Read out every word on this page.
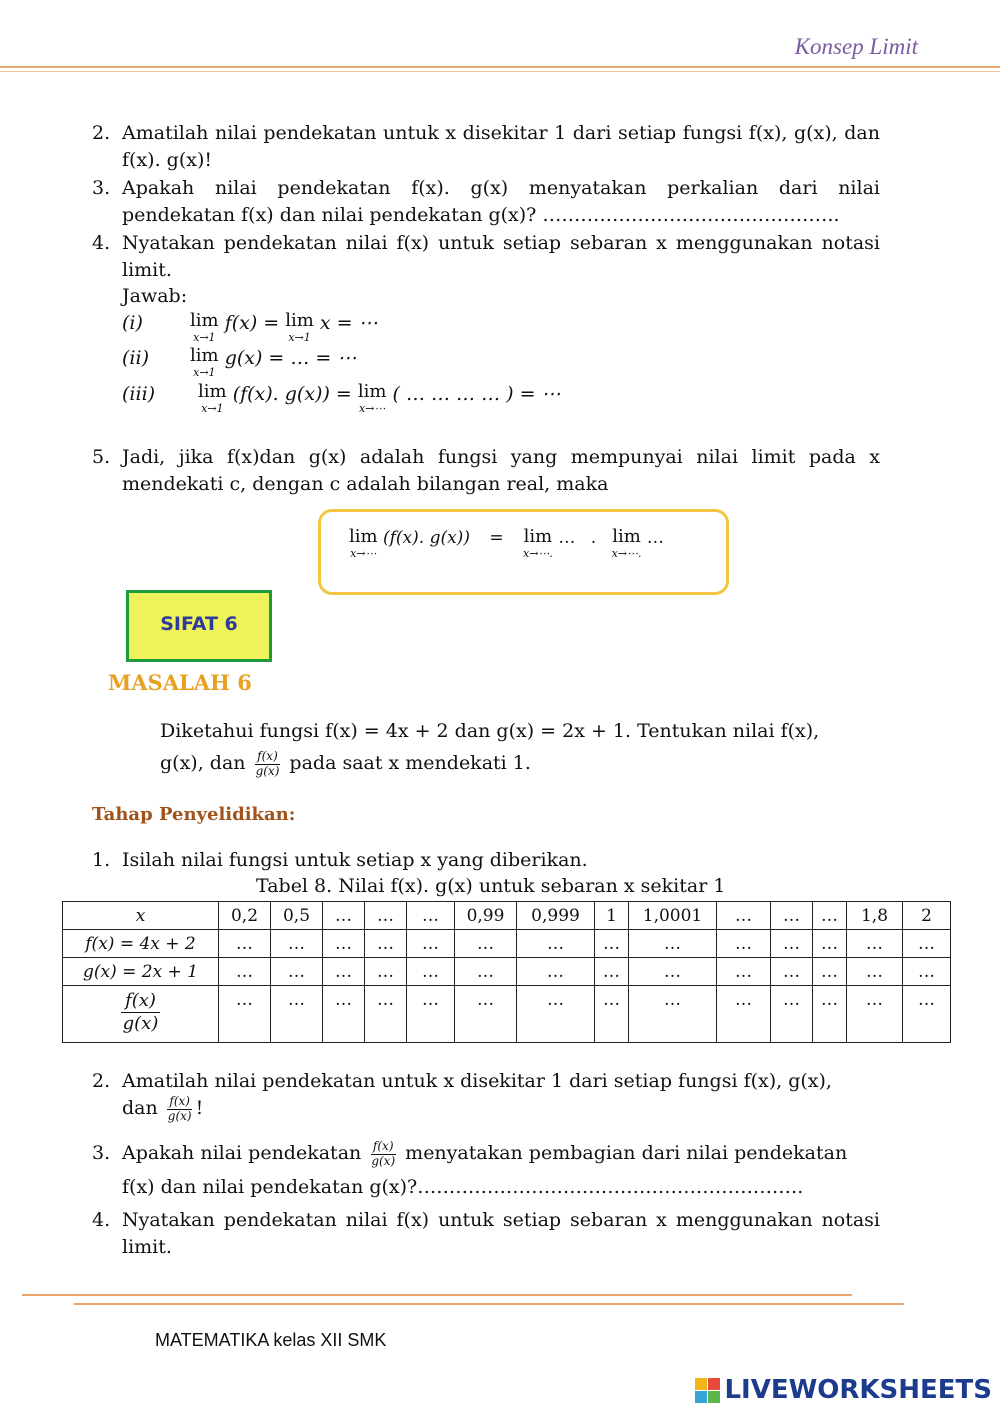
Konsep Limit
2. Amatilah nilai pendekatan untuk x disekitar 1 dari setiap fungsi f(x), g(x), dan f(x). g(x)!
3. Apakah nilai pendekatan f(x). g(x) menyatakan perkalian dari nilai pendekatan f(x) dan nilai pendekatan g(x)? ………………………………………..
4. Nyatakan pendekatan nilai f(x) untuk setiap sebaran x menggunakan notasi limit.
Jawab:
(i)	lim
x→1
f(x) = lim
x→1
x = ⋯
(ii) lim
x→1
g(x) = … = ⋯
(iii) lim
x→1
(f(x). g(x)) = lim
x→⋯
( … … … … ) = ⋯
5. Jadi, jika f(x)dan g(x) adalah fungsi yang mempunyai nilai limit pada x mendekati c, dengan c adalah bilangan real, maka
lim
x→⋯
(f(x). g(x)) = lim
x→⋯.
… . lim
x→⋯.
…
SIFAT 6
MASALAH 6
Diketahui fungsi f(x) = 4x + 2 dan g(x) = 2x + 1. Tentukan nilai f(x),
g(x), dan $\frac{f(x)}{g(x)}$ pada saat x mendekati 1.
Tahap Penyelidikan:
1. Isilah nilai fungsi untuk setiap x yang diberikan.
Tabel 8. Nilai f(x). g(x) untuk sebaran x sekitar 1
x	0,2	0,5	…	…	…	0,99	0,999	1	1,0001	…	…	…	1,8	2
f(x) = 4x + 2	…	…	…	…	…	…	…	…	…	…	…	…	…	…
g(x) = 2x + 1	…	…	…	…	…	…	…	…	…	…	…	…	…	…

$\frac{f(x)}{g(x)}$	…	…	…	…	…	…	…	…	…	…	…	…	…	…
2. Amatilah nilai pendekatan untuk x disekitar 1 dari setiap fungsi f(x), g(x),
dan $\frac{f(x)}{g(x)}$ !
3. Apakah nilai pendekatan $\frac{f(x)}{g(x)}$ menyatakan pembagian dari nilai pendekatan
f(x) dan nilai pendekatan g(x)?…………………………………………………….
4. Nyatakan pendekatan nilai f(x) untuk setiap sebaran x menggunakan notasi limit.
MATEMATIKA kelas XII SMK
LIVEWORKSHEETS
